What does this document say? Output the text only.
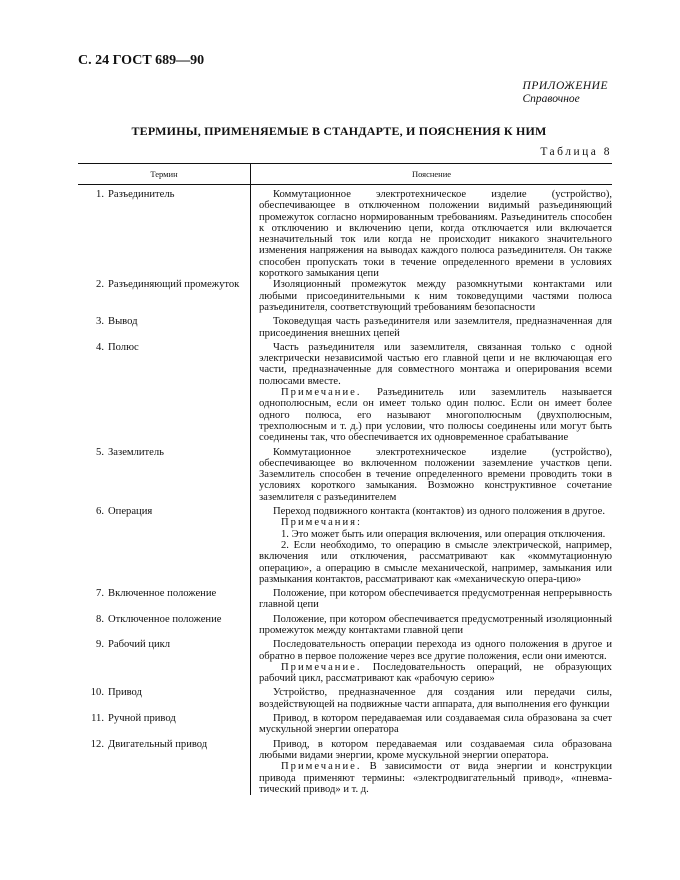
С. 24 ГОСТ 689—90
ПРИЛОЖЕНИЕ
Справочное
ТЕРМИНЫ, ПРИМЕНЯЕМЫЕ В СТАНДАРТЕ, И ПОЯСНЕНИЯ К НИМ
Таблица 8
Термин	Пояснение
1. Разъединитель	Коммутационное электротехническое изделие (устройство), обеспечивающее в отключенном положении видимый разъединяющий промежуток согласно нормированным требованиям. Разъединитель способен к отключению и включению цепи, когда отключается или включается незначительный ток или когда не происходит никакого значительного изменения напряжения на выводах каждого полюса разъединителя. Он также способен пропускать токи в течение определенного времени в условиях короткого замыкания цепи

2. Разъединяющий промежуток	Изоляционный промежуток между разомкнутыми контактами или любыми присоединительными к ним токоведущими частями полюса разъединителя, соответствующий требованиям безопасности

3. Вывод	Токоведущая часть разъединителя или заземлителя, предназначенная для присоединения внешних цепей

4. Полюс	Часть разъединителя или заземлителя, связанная только с одной электрически независимой частью его главной цепи и не включающая его части, предназначенные для совместного монтажа и оперирования всеми полюсами вместе.

Примечание. Разъединитель или заземлитель называется однополюсным, если он имеет только один полюс. Если он имеет более одного полюса, его называют многополюсным (двухполюсным, трехполюсным и т. д.) при условии, что полюсы соединены или могут быть соединены так, что обеспечивается их одновременное срабатывание

5. Заземлитель	Коммутационное электротехническое изделие (устройство), обеспечивающее во включенном положении заземление участков цепи. Заземлитель способен в течение определенного времени проводить токи в условиях короткого замыкания. Возможно конструктивное сочетание заземлителя с разъединителем

6. Операция	Переход подвижного контакта (контактов) из одного положения в другое.

Примечания:

1. Это может быть или операция включения, или операция отключения.

2. Если необходимо, то операцию в смысле электрической, например, включения или отключения, рассматривают как «коммутационную операцию», а операцию в смысле механической, например, замыкания или размыкания контактов, рассматривают как «механическую опера-цию»

7. Включенное положение	Положение, при котором обеспечивается предусмотренная непрерывность главной цепи

8. Отключенное положение	Положение, при котором обеспечивается предусмотренный изоляционный промежуток между контактами главной цепи

9. Рабочий цикл	Последовательность операции перехода из одного положения в другое и обратно в первое положение через все другие положения, если они имеются.

Примечание. Последовательность операций, не образующих рабочий цикл, рассматривают как «рабочую серию»

10. Привод	Устройство, предназначенное для создания или передачи силы, воздействующей на подвижные части аппарата, для выполнения его функции

11. Ручной привод	Привод, в котором передаваемая или создаваемая сила образована за счет мускульной энергии оператора

12. Двигательный привод	Привод, в котором передаваемая или создаваемая сила образована любыми видами энергии, кроме мускульной энергии оператора.

Примечание. В зависимости от вида энергии и конструкции привода применяют термины: «электродвигательный привод», «пневма-тический привод» и т. д.
